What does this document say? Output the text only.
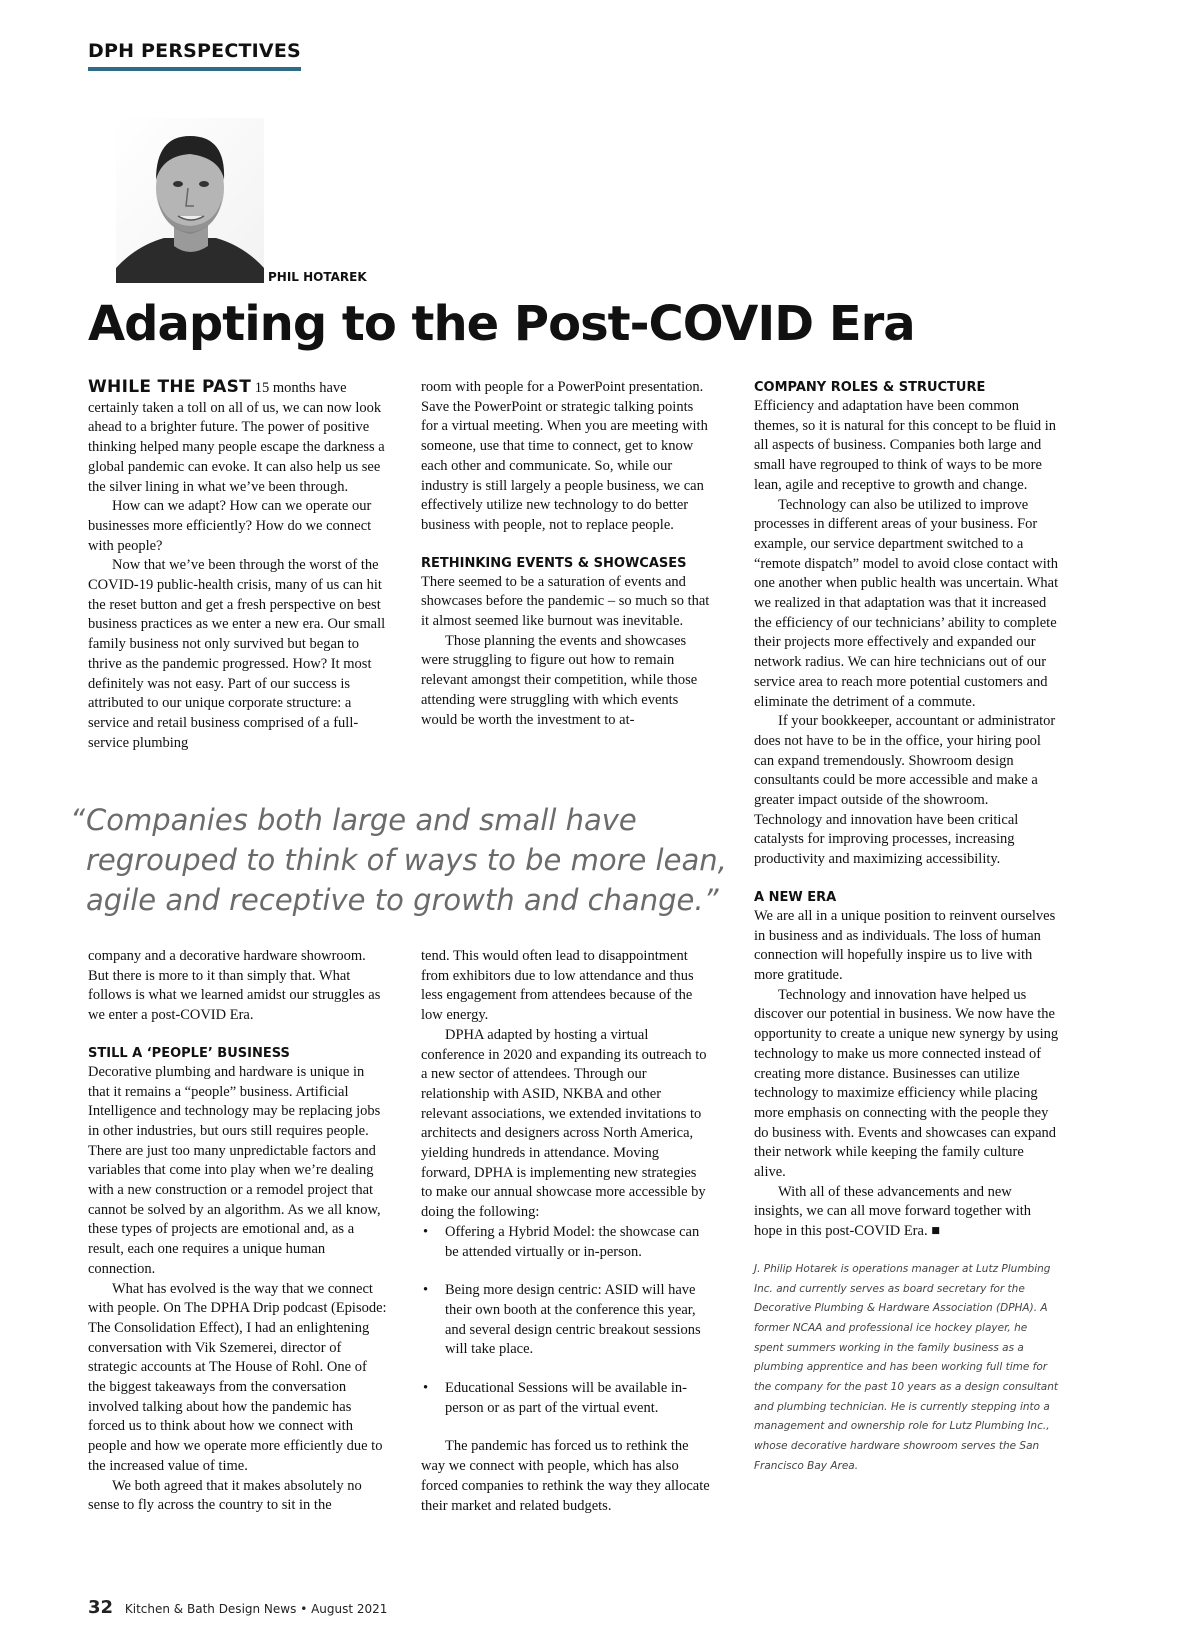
DPH PERSPECTIVES
PHIL HOTAREK
Adapting to the Post-COVID Era

WHILE THE PAST 15 months have certainly taken a toll on all of us, we can now look ahead to a brighter future. The power of positive thinking helped many people escape the darkness a global pandemic can evoke. It can also help us see the silver lining in what we’ve been through.

How can we adapt? How can we operate our businesses more efficiently? How do we connect with people?

Now that we’ve been through the worst of the COVID-19 public-health crisis, many of us can hit the reset button and get a fresh perspective on best business practices as we enter a new era. Our small family business not only survived but began to thrive as the pandemic progressed. How? It most definitely was not easy. Part of our success is attributed to our unique corporate structure: a service and retail business comprised of a full-service plumbing

room with people for a PowerPoint presentation. Save the PowerPoint or strategic talking points for a virtual meeting. When you are meeting with someone, use that time to connect, get to know each other and communicate. So, while our industry is still largely a people business, we can effectively utilize new technology to do better business with people, not to replace people.

RETHINKING EVENTS & SHOWCASES

There seemed to be a saturation of events and showcases before the pandemic – so much so that it almost seemed like burnout was inevitable.

Those planning the events and showcases were struggling to figure out how to remain relevant amongst their competition, while those attending were struggling with which events would be worth the investment to at-

“ Companies both large and small have regrouped to think of ways to be more lean, agile and receptive to growth and change.”

company and a decorative hardware showroom. But there is more to it than simply that. What follows is what we learned amidst our struggles as we enter a post-COVID Era.

STILL A ‘PEOPLE’ BUSINESS

Decorative plumbing and hardware is unique in that it remains a “people” business. Artificial Intelligence and technology may be replacing jobs in other industries, but ours still requires people. There are just too many unpredictable factors and variables that come into play when we’re dealing with a new construction or a remodel project that cannot be solved by an algorithm. As we all know, these types of projects are emotional and, as a result, each one requires a unique human connection.

What has evolved is the way that we connect with people. On The DPHA Drip podcast (Episode: The Consolidation Effect), I had an enlightening conversation with Vik Szemerei, director of strategic accounts at The House of Rohl. One of the biggest takeaways from the conversation involved talking about how the pandemic has forced us to think about how we connect with people and how we operate more efficiently due to the increased value of time.

We both agreed that it makes absolutely no sense to fly across the country to sit in the

tend. This would often lead to disappointment from exhibitors due to low attendance and thus less engagement from attendees because of the low energy.

DPHA adapted by hosting a virtual conference in 2020 and expanding its outreach to a new sector of attendees. Through our relationship with ASID, NKBA and other relevant associations, we extended invitations to architects and designers across North America, yielding hundreds in attendance. Moving forward, DPHA is implementing new strategies to make our annual showcase more accessible by doing the following:

• Offering a Hybrid Model: the showcase can be attended virtually or in-person.
• Being more design centric: ASID will have their own booth at the conference this year, and several design centric breakout sessions will take place.
• Educational Sessions will be available in-person or as part of the virtual event.

The pandemic has forced us to rethink the way we connect with people, which has also forced companies to rethink the way they allocate their market and related budgets.

COMPANY ROLES & STRUCTURE

Efficiency and adaptation have been common themes, so it is natural for this concept to be fluid in all aspects of business. Companies both large and small have regrouped to think of ways to be more lean, agile and receptive to growth and change.

Technology can also be utilized to improve processes in different areas of your business. For example, our service department switched to a “remote dispatch” model to avoid close contact with one another when public health was uncertain. What we realized in that adaptation was that it increased the efficiency of our technicians’ ability to complete their projects more effectively and expanded our network radius. We can hire technicians out of our service area to reach more potential customers and eliminate the detriment of a commute.

If your bookkeeper, accountant or administrator does not have to be in the office, your hiring pool can expand tremendously. Showroom design consultants could be more accessible and make a greater impact outside of the showroom. Technology and innovation have been critical catalysts for improving processes, increasing productivity and maximizing accessibility.

A NEW ERA

We are all in a unique position to reinvent ourselves in business and as individuals. The loss of human connection will hopefully inspire us to live with more gratitude.

Technology and innovation have helped us discover our potential in business. We now have the opportunity to create a unique new synergy by using technology to make us more connected instead of creating more distance. Businesses can utilize technology to maximize efficiency while placing more emphasis on connecting with the people they do business with. Events and showcases can expand their network while keeping the family culture alive.

With all of these advancements and new insights, we can all move forward together with hope in this post-COVID Era. ■

J. Philip Hotarek is operations manager at Lutz Plumbing Inc. and currently serves as board secretary for the Decorative Plumbing & Hardware Association (DPHA). A former NCAA and professional ice hockey player, he spent summers working in the family business as a plumbing apprentice and has been working full time for the company for the past 10 years as a design consultant and plumbing technician. He is currently stepping into a management and ownership role for Lutz Plumbing Inc., whose decorative hardware showroom serves the San Francisco Bay Area.

32 Kitchen & Bath Design News • August 2021
